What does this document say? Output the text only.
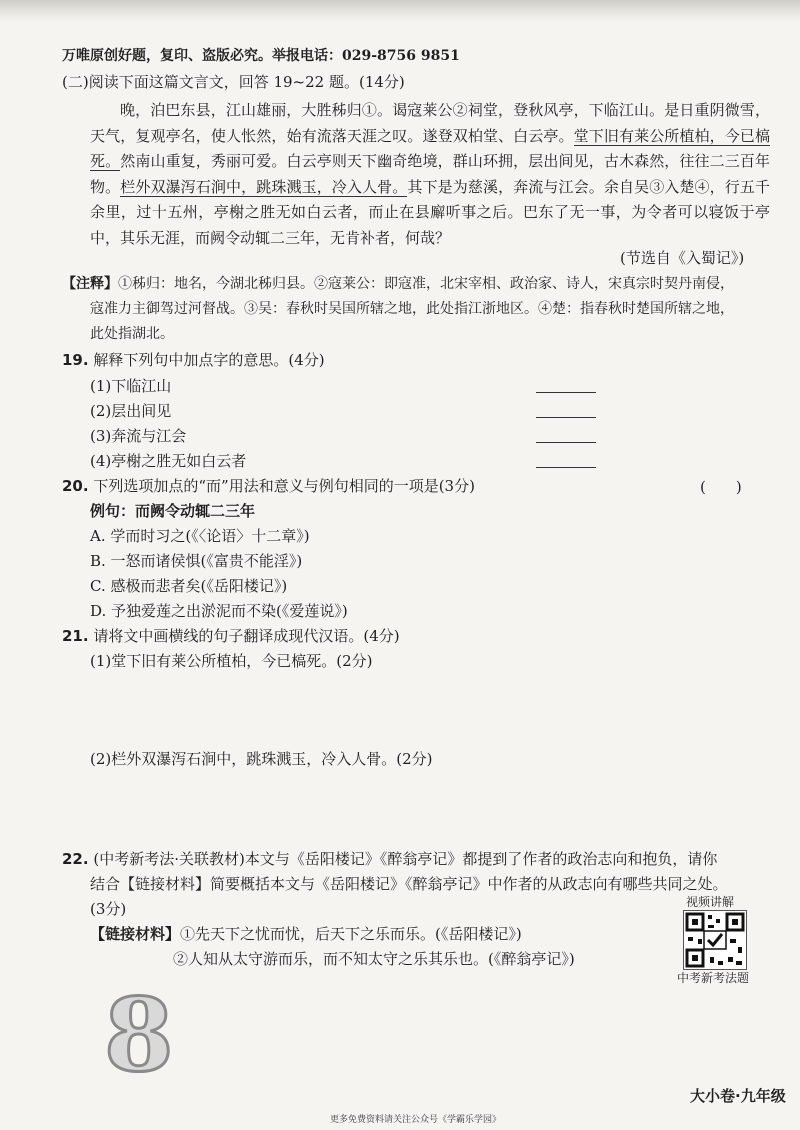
万唯原创好题，复印、盗版必究。举报电话：029-8756 9851
(二)阅读下面这篇文言文，回答 19~22 题。(14分)
晚，泊巴东县，江山雄丽，大胜秭归①。谒寇莱公②祠堂，登秋风亭，下临江山。是日重阴微雪，天气，复观亭名，使人怅然，始有流落天涯之叹。遂登双柏堂、白云亭。堂下旧有莱公所植柏，今已槁死。然南山重复，秀丽可爱。白云亭则天下幽奇绝境，群山环拥，层出间见，古木森然，往往二三百年物。栏外双瀑泻石涧中，跳珠溅玉，冷入人骨。其下是为慈溪，奔流与江会。余自吴③入楚④，行五千余里，过十五州，亭榭之胜无如白云者，而止在县廨听事之后。巴东了无一事，为令者可以寝饭于亭中，其乐无涯，而阙令动辄二三年，无肯补者，何哉？
(节选自《入蜀记》)
【注释】①秭归：地名，今湖北秭归县。②寇莱公：即寇准，北宋宰相、政治家、诗人，宋真宗时契丹南侵，
寇准力主御驾过河督战。③吴：春秋时吴国所辖之地，此处指江浙地区。④楚：指春秋时楚国所辖之地，
此处指湖北。
19. 解释下列句中加点字的意思。(4分)
(1)下临江山
(2)层出间见
(3)奔流与江会
(4)亭榭之胜无如白云者
20. 下列选项加点的“而”用法和意义与例句相同的一项是(3分)	(　　)
例句：而阙令动辄二三年
A. 学而时习之(《〈论语〉十二章》)
B. 一怒而诸侯惧(《富贵不能淫》)
C. 感极而悲者矣(《岳阳楼记》)
D. 予独爱莲之出淤泥而不染(《爱莲说》)
21. 请将文中画横线的句子翻译成现代汉语。(4分)
(1)堂下旧有莱公所植柏，今已槁死。(2分)
(2)栏外双瀑泻石涧中，跳珠溅玉，冷入人骨。(2分)
22. (中考新考法·关联教材)本文与《岳阳楼记》《醉翁亭记》都提到了作者的政治志向和抱负，请你
结合【链接材料】简要概括本文与《岳阳楼记》《醉翁亭记》中作者的从政志向有哪些共同之处。
(3分)
【链接材料】①先天下之忧而忧，后天下之乐而乐。(《岳阳楼记》)
②人知从太守游而乐，而不知太守之乐其乐也。(《醉翁亭记》)
视频讲解
中考新考法题
8
大小卷·九年级
更多免费资料请关注公众号《学霸乐学园》
